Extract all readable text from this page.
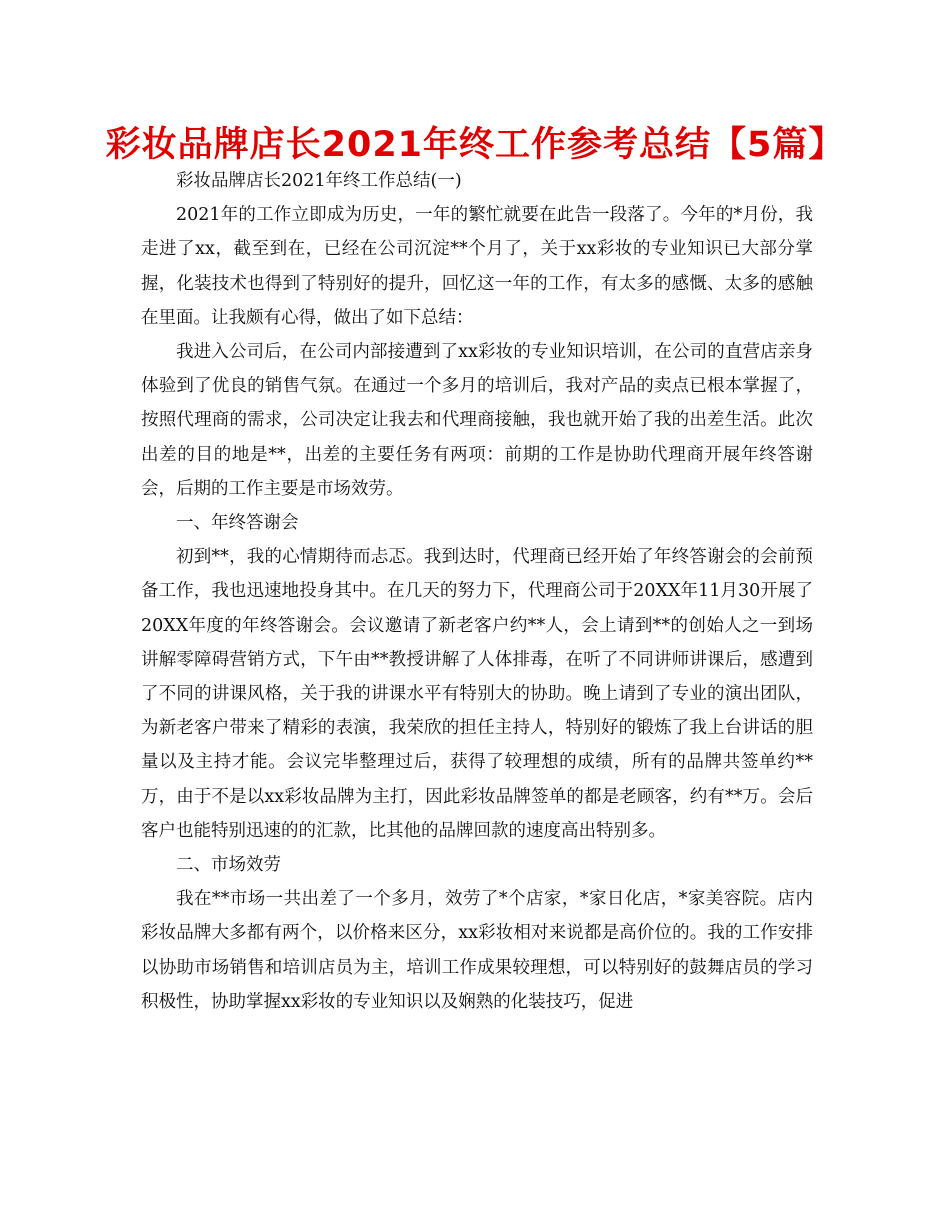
彩妆品牌店长2021年终工作参考总结【5篇】

彩妆品牌店长2021年终工作总结(一)

2021年的工作立即成为历史，一年的繁忙就要在此告一段落了。今年的*月份，我走进了xx，截至到在，已经在公司沉淀**个月了，关于xx彩妆的专业知识已大部分掌握，化装技术也得到了特别好的提升，回忆这一年的工作，有太多的感慨、太多的感触在里面。让我颇有心得，做出了如下总结：

我进入公司后，在公司内部接遭到了xx彩妆的专业知识培训，在公司的直营店亲身体验到了优良的销售气氛。在通过一个多月的培训后，我对产品的卖点已根本掌握了，按照代理商的需求，公司决定让我去和代理商接触，我也就开始了我的出差生活。此次出差的目的地是**，出差的主要任务有两项：前期的工作是协助代理商开展年终答谢会，后期的工作主要是市场效劳。

一、年终答谢会

初到**，我的心情期待而忐忑。我到达时，代理商已经开始了年终答谢会的会前预备工作，我也迅速地投身其中。在几天的努力下，代理商公司于20XX年11月30开展了20XX年度的年终答谢会。会议邀请了新老客户约**人，会上请到**的创始人之一到场讲解零障碍营销方式，下午由**教授讲解了人体排毒，在听了不同讲师讲课后，感遭到了不同的讲课风格，关于我的讲课水平有特别大的协助。晚上请到了专业的演出团队，为新老客户带来了精彩的表演，我荣欣的担任主持人，特别好的锻炼了我上台讲话的胆量以及主持才能。会议完毕整理过后，获得了较理想的成绩，所有的品牌共签单约**万，由于不是以xx彩妆品牌为主打，因此彩妆品牌签单的都是老顾客，约有**万。会后客户也能特别迅速的的汇款，比其他的品牌回款的速度高出特别多。

二、市场效劳

我在**市场一共出差了一个多月，效劳了*个店家，*家日化店，*家美容院。店内彩妆品牌大多都有两个，以价格来区分，xx彩妆相对来说都是高价位的。我的工作安排以协助市场销售和培训店员为主，培训工作成果较理想，可以特别好的鼓舞店员的学习积极性，协助掌握xx彩妆的专业知识以及娴熟的化装技巧，促进
